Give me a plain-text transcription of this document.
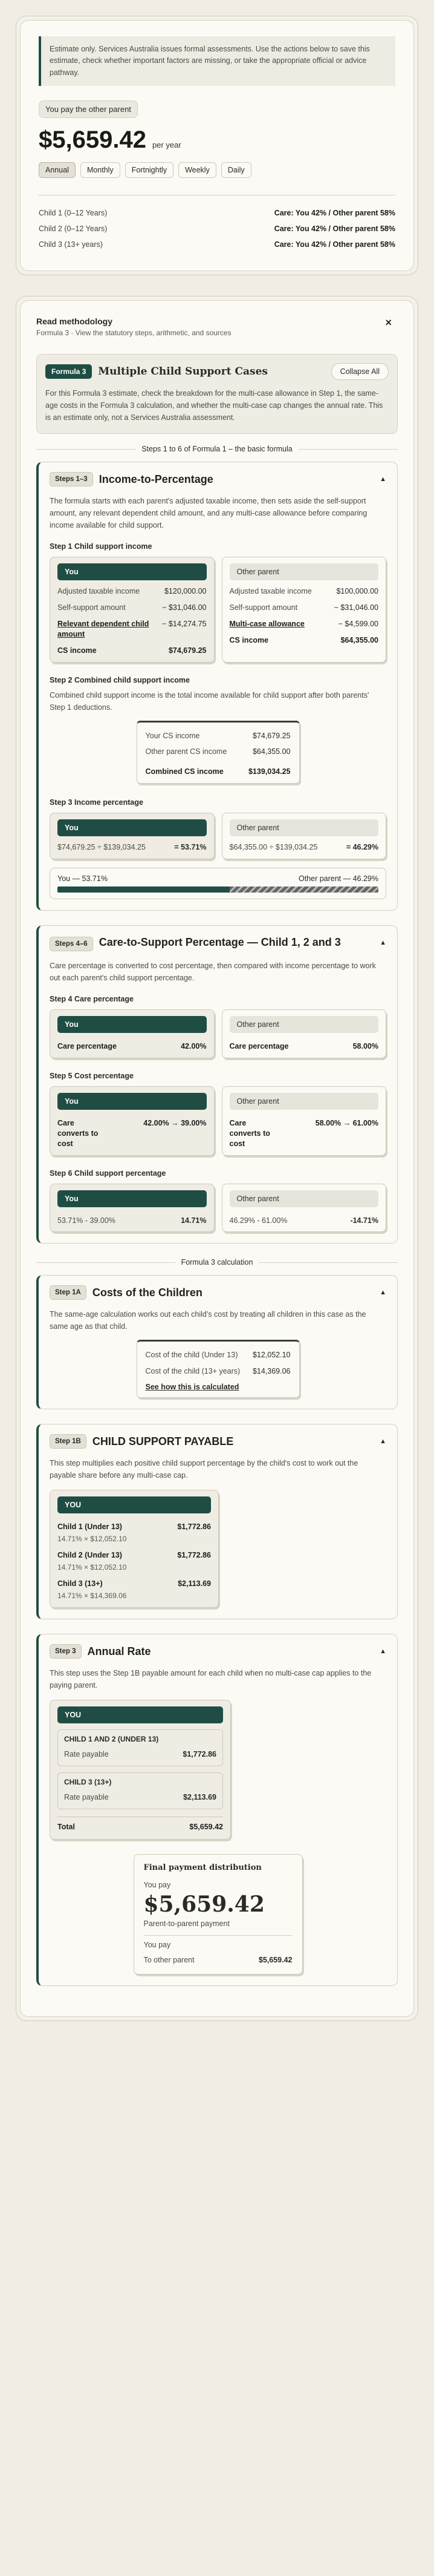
Estimate only. Services Australia issues formal assessments. Use the actions below to save this estimate, check whether important factors are missing, or take the appropriate official or advice pathway.
You pay the other parent
$5,659.42 per year
Annual	Monthly	Fortnightly	Weekly	Daily
Child 1 (0–12 Years)	Care: You 42% / Other parent 58%
Child 2 (0–12 Years)	Care: You 42% / Other parent 58%
Child 3 (13+ years)	Care: You 42% / Other parent 58%
Read methodology
Formula 3 · View the statutory steps, arithmetic, and sources
×
Formula 3	Multiple Child Support Cases	Collapse All
For this Formula 3 estimate, check the breakdown for the multi-case allowance in Step 1, the same-age costs in the Formula 3 calculation, and whether the multi-case cap changes the annual rate. This is an estimate only, not a Services Australia assessment.
Steps 1 to 6 of Formula 1 – the basic formula
Steps 1–3	Income-to-Percentage	▲
The formula starts with each parent's adjusted taxable income, then sets aside the self-support amount, any relevant dependent child amount, and any multi-case allowance before comparing income available for child support.
Step 1 Child support income
You
Adjusted taxable income	$120,000.00
Self-support amount	− $31,046.00
Relevant dependent child amount
− $14,274.75
CS income	$74,679.25
Other parent
Adjusted taxable income	$100,000.00
Self-support amount	− $31,046.00
Multi-case allowance	− $4,599.00
CS income	$64,355.00
Step 2 Combined child support income
Combined child support income is the total income available for child support after both parents' Step 1 deductions.
Your CS income	$74,679.25
Other parent CS income	$64,355.00
Combined CS income	$139,034.25
Step 3 Income percentage
You
$74,679.25 ÷ $139,034.25	= 53.71%
Other parent
$64,355.00 ÷ $139,034.25	= 46.29%
You — 53.71%	Other parent — 46.29%
Steps 4–6	Care-to-Support Percentage — Child 1, 2 and 3	▲
Care percentage is converted to cost percentage, then compared with income percentage to work out each parent's child support percentage.
Step 4 Care percentage
You
Care percentage	42.00%
Other parent
Care percentage	58.00%
Step 5 Cost percentage
You
Care converts to cost
42.00% → 39.00%
Other parent
Care converts to cost
58.00% → 61.00%
Step 6 Child support percentage
You
53.71% - 39.00%	14.71%
Other parent
46.29% - 61.00%	-14.71%
Formula 3 calculation
Step 1A	Costs of the Children	▲
The same-age calculation works out each child's cost by treating all children in this case as the same age as that child.
Cost of the child (Under 13) $12,052.10
Cost of the child (13+ years) $14,369.06
See how this is calculated
Step 1B	CHILD SUPPORT PAYABLE	▲
This step multiplies each positive child support percentage by the child's cost to work out the payable share before any multi-case cap.
YOU
Child 1 (Under 13)	$1,772.86
14.71% × $12,052.10
Child 2 (Under 13)	$1,772.86
14.71% × $12,052.10
Child 3 (13+)	$2,113.69
14.71% × $14,369.06
Step 3	Annual Rate	▲
This step uses the Step 1B payable amount for each child when no multi-case cap applies to the paying parent.
YOU
CHILD 1 AND 2 (UNDER 13)
Rate payable	$1,772.86
CHILD 3 (13+)
Rate payable	$2,113.69
Total	$5,659.42
Final payment distribution
You pay
$5,659.42
Parent-to-parent payment
You pay
To other parent	$5,659.42
